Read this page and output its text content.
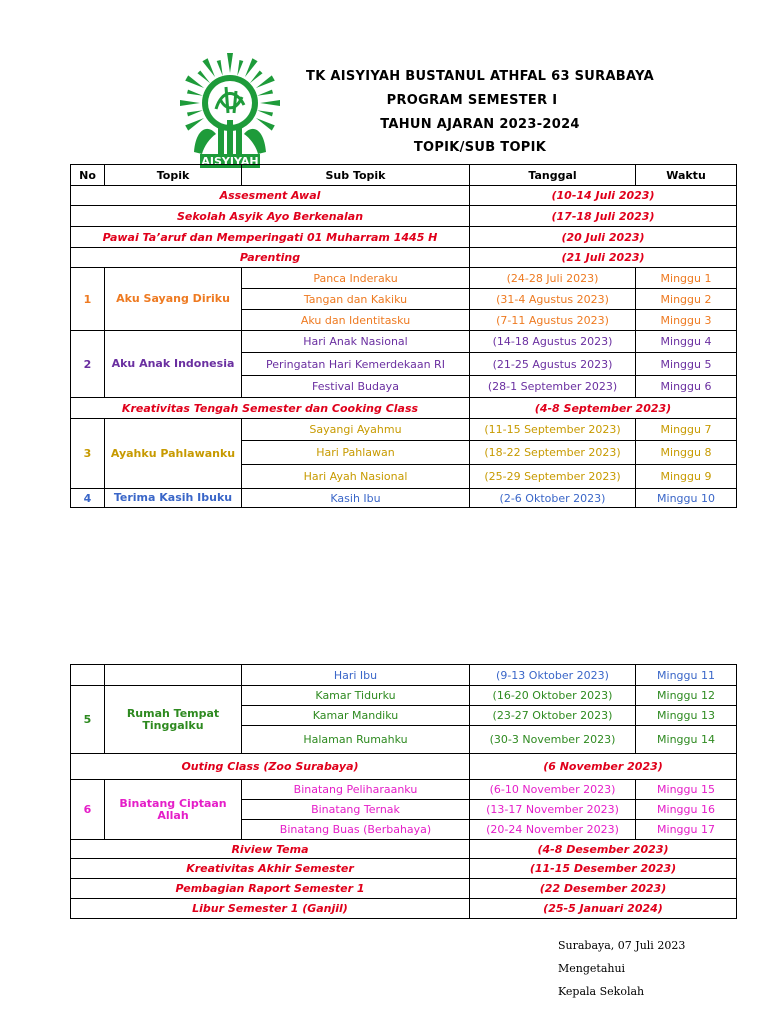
AISYIYAH
TK AISYIYAH BUSTANUL ATHFAL 63 SURABAYA
PROGRAM SEMESTER I
TAHUN AJARAN 2023-2024
TOPIK/SUB TOPIK
No	Topik	Sub Topik	Tanggal	Waktu
Assesment Awal			(10-14 Juli 2023)	
Sekolah Asyik Ayo Berkenalan			(17-18 Juli 2023)	
Pawai Ta’aruf dan Memperingati 01 Muharram 1445 H			(20 Juli 2023)	
Parenting			(21 Juli 2023)	
1	Aku Sayang Diriku	Panca Inderaku	(24-28 Juli 2023)	Minggu 1
		Tangan dan Kakiku	(31-4 Agustus 2023)	Minggu 2
		Aku dan Identitasku	(7-11 Agustus 2023)	Minggu 3
2	Aku Anak Indonesia	Hari Anak Nasional	(14-18 Agustus 2023)	Minggu 4
		Peringatan Hari Kemerdekaan RI	(21-25 Agustus 2023)	Minggu 5
		Festival Budaya	(28-1 September 2023)	Minggu 6
Kreativitas Tengah Semester dan Cooking Class			(4-8 September 2023)	
3	Ayahku Pahlawanku	Sayangi Ayahmu	(11-15 September 2023)	Minggu 7
		Hari Pahlawan	(18-22 September 2023)	Minggu 8
		Hari Ayah Nasional	(25-29 September 2023)	Minggu 9
4	Terima Kasih Ibuku	Kasih Ibu	(2-6 Oktober 2023)	Minggu 10
		Hari Ibu	(9-13 Oktober 2023)	Minggu 11
5	Rumah Tempat Tinggalku	Kamar Tidurku	(16-20 Oktober 2023)	Minggu 12
		Kamar Mandiku	(23-27 Oktober 2023)	Minggu 13
		Halaman Rumahku	(30-3 November 2023)	Minggu 14
Outing Class (Zoo Surabaya)			(6 November 2023)	
6	Binatang Ciptaan Allah	Binatang Peliharaanku	(6-10 November 2023)	Minggu 15
		Binatang Ternak	(13-17 November 2023)	Minggu 16
		Binatang Buas (Berbahaya)	(20-24 November 2023)	Minggu 17
Riview Tema			(4-8 Desember 2023)	
Kreativitas Akhir Semester			(11-15 Desember 2023)	
Pembagian Raport Semester 1			(22 Desember 2023)	
Libur Semester 1 (Ganjil)			(25-5 Januari 2024)	
Surabaya, 07 Juli 2023
Mengetahui
Kepala Sekolah
